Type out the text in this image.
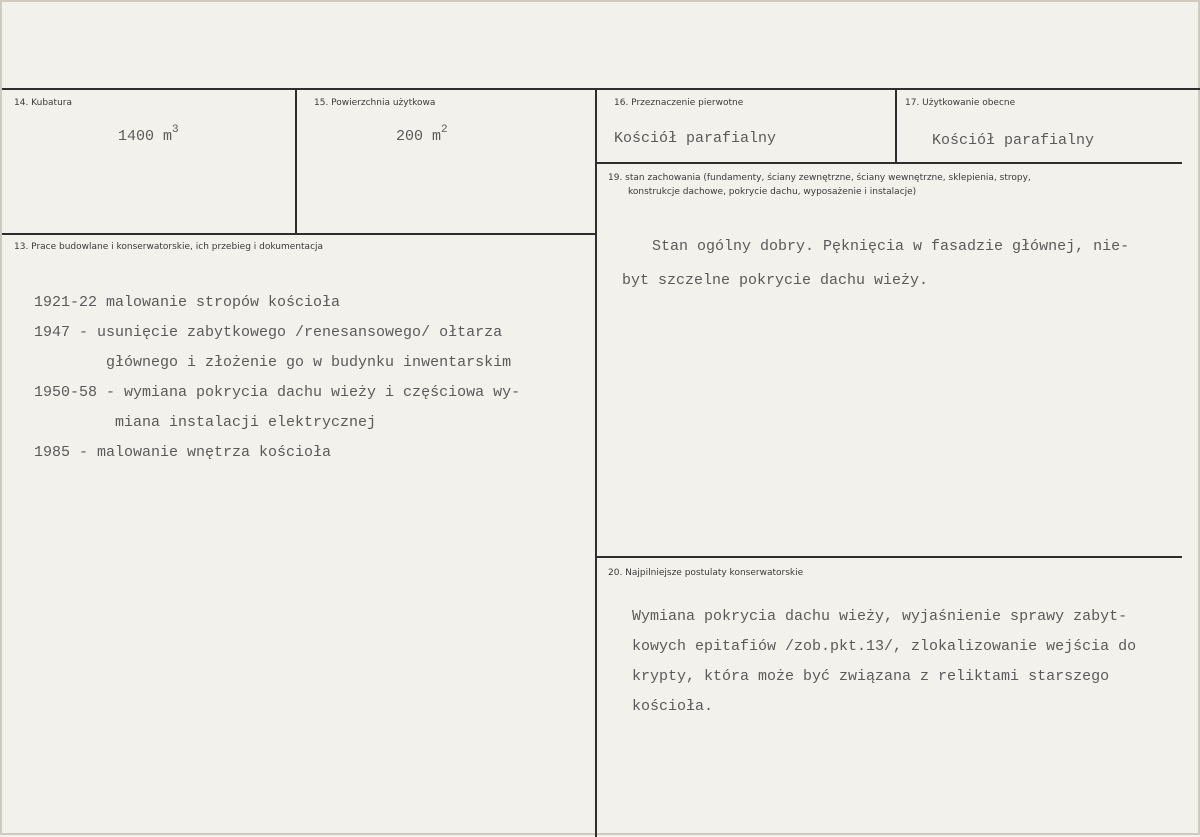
14. Kubatura
1400 $m^3$
15. Powierzchnia użytkowa
200 $m^2$
16. Przeznaczenie pierwotne
Kościół parafialny
17. Użytkowanie obecne
Kościół parafialny
19. stan zachowania (fundamenty, ściany zewnętrzne, ściany wewnętrzne, sklepienia, stropy,
konstrukcje dachowe, pokrycie dachu, wyposażenie i instalacje)
Stan ogólny dobry. Pęknięcia w fasadzie głównej, nie-
byt szczelne pokrycie dachu wieży.
13. Prace budowlane i konserwatorskie, ich przebieg i dokumentacja
1921-22 malowanie stropów kościoła
1947 - usunięcie zabytkowego /renesansowego/ ołtarza
głównego i złożenie go w budynku inwentarskim
1950-58 - wymiana pokrycia dachu wieży i częściowa wy-
miana instalacji elektrycznej
1985 - malowanie wnętrza kościoła
20. Najpilniejsze postulaty konserwatorskie
Wymiana pokrycia dachu wieży, wyjaśnienie sprawy zabyt-
kowych epitafiów /zob.pkt.13/, zlokalizowanie wejścia do
krypty, która może być związana z reliktami starszego
kościoła.
